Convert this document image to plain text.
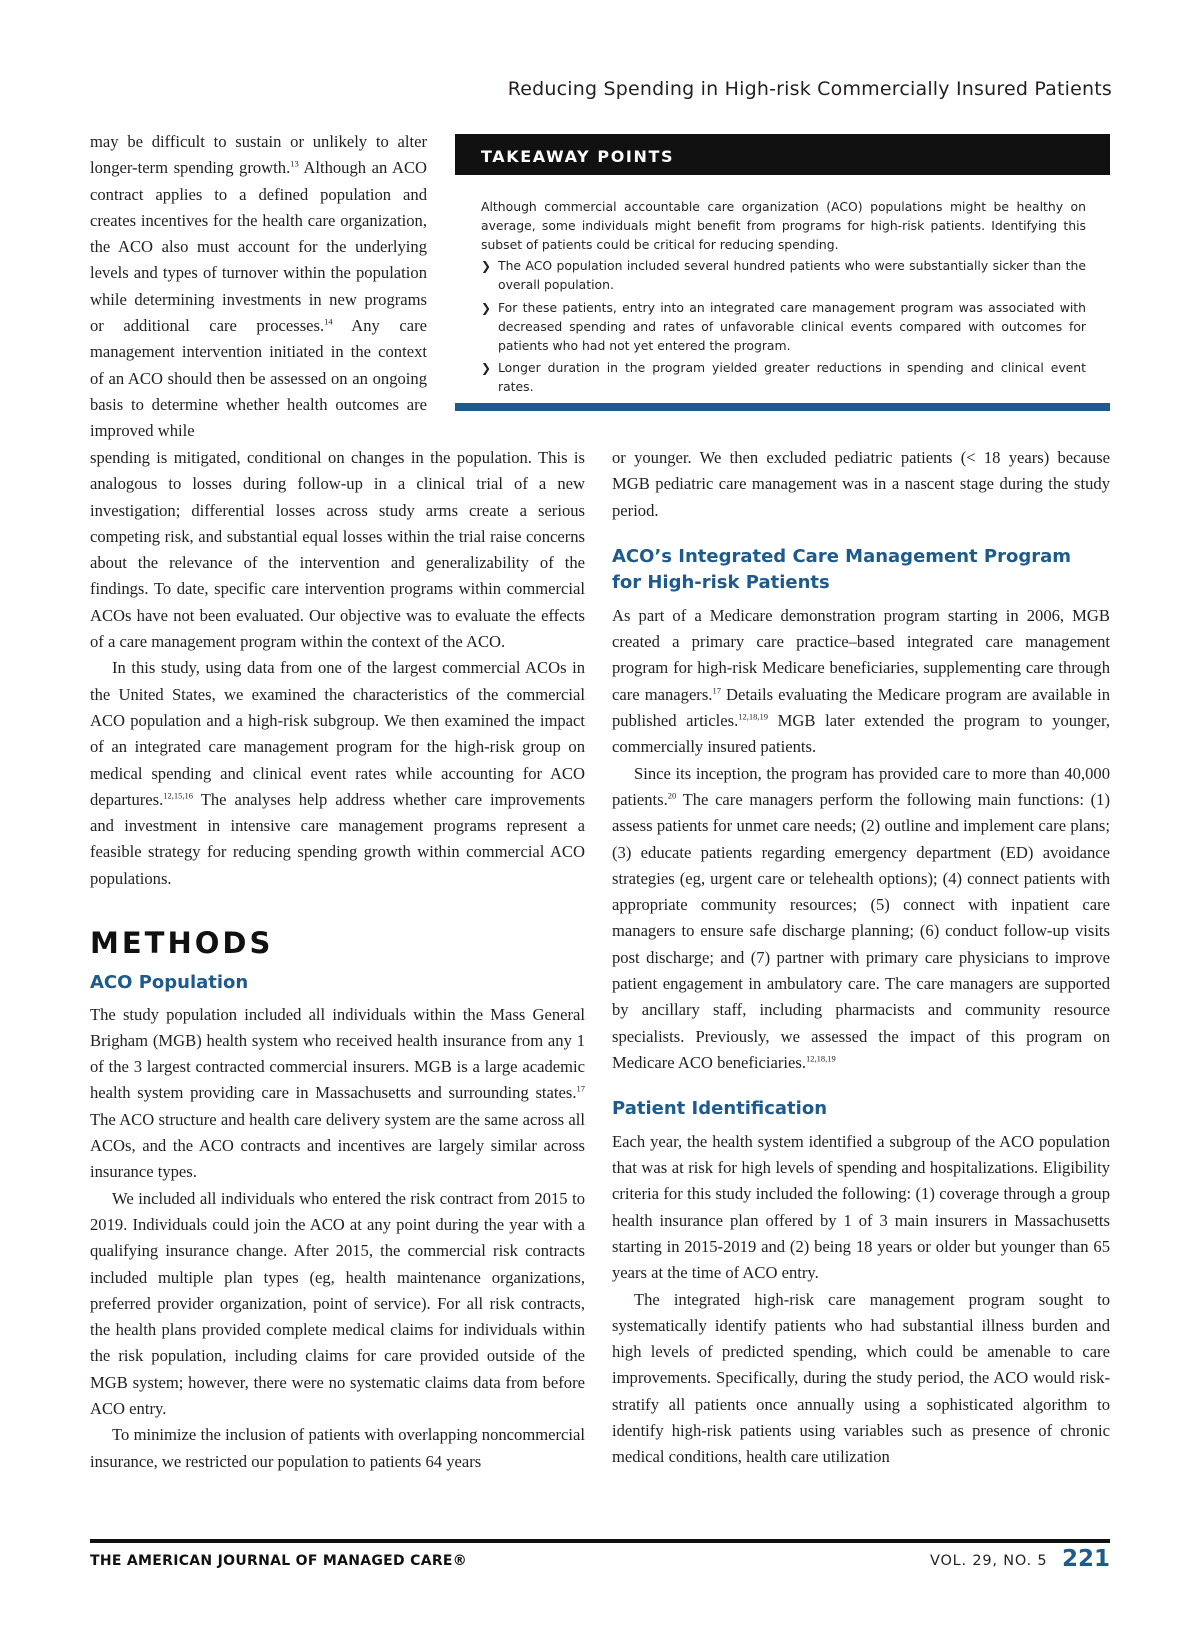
Reducing Spending in High-risk Commercially Insured Patients

may be difficult to sustain or unlikely to alter longer-term spending growth.$^{13}$ Although an ACO contract applies to a defined population and creates incentives for the health care organization, the ACO also must account for the underlying levels and types of turnover within the population while determining investments in new programs or additional care processes.$^{14}$ Any care management intervention initiated in the context of an ACO should then be assessed on an ongoing basis to determine whether health outcomes are improved while

TAKEAWAY POINTS

Although commercial accountable care organization (ACO) populations might be healthy on average, some individuals might benefit from programs for high-risk patients. Identifying this subset of patients could be critical for reducing spending.

❯ The ACO population included several hundred patients who were substantially sicker than the overall population.
❯ For these patients, entry into an integrated care management program was associated with decreased spending and rates of unfavorable clinical events compared with outcomes for patients who had not yet entered the program.
❯ Longer duration in the program yielded greater reductions in spending and clinical event rates.

spending is mitigated, conditional on changes in the population. This is analogous to losses during follow-up in a clinical trial of a new investigation; differential losses across study arms create a serious competing risk, and substantial equal losses within the trial raise concerns about the relevance of the intervention and generalizability of the findings. To date, specific care intervention programs within commercial ACOs have not been evaluated. Our objective was to evaluate the effects of a care management program within the context of the ACO.

In this study, using data from one of the largest commercial ACOs in the United States, we examined the characteristics of the commercial ACO population and a high-risk subgroup. We then examined the impact of an integrated care management program for the high-risk group on medical spending and clinical event rates while accounting for ACO departures.$^{12,15,16}$ The analyses help address whether care improvements and investment in intensive care management programs represent a feasible strategy for reducing spending growth within commercial ACO populations.

METHODS
ACO Population

The study population included all individuals within the Mass General Brigham (MGB) health system who received health insurance from any 1 of the 3 largest contracted commercial insurers. MGB is a large academic health system providing care in Massachusetts and surrounding states.$^{17}$ The ACO structure and health care delivery system are the same across all ACOs, and the ACO contracts and incentives are largely similar across insurance types.

We included all individuals who entered the risk contract from 2015 to 2019. Individuals could join the ACO at any point during the year with a qualifying insurance change. After 2015, the commercial risk contracts included multiple plan types (eg, health maintenance organizations, preferred provider organization, point of service). For all risk contracts, the health plans provided complete medical claims for individuals within the risk population, including claims for care provided outside of the MGB system; however, there were no systematic claims data from before ACO entry.

To minimize the inclusion of patients with overlapping noncommercial insurance, we restricted our population to patients 64 years

or younger. We then excluded pediatric patients (< 18 years) because MGB pediatric care management was in a nascent stage during the study period.

ACO’s Integrated Care Management Program
for High-risk Patients

As part of a Medicare demonstration program starting in 2006, MGB created a primary care practice–based integrated care management program for high-risk Medicare beneficiaries, supplementing care through care managers.$^{17}$ Details evaluating the Medicare program are available in published articles.$^{12,18,19}$ MGB later extended the program to younger, commercially insured patients.

Since its inception, the program has provided care to more than 40,000 patients.$^{20}$ The care managers perform the following main functions: (1) assess patients for unmet care needs; (2) outline and implement care plans; (3) educate patients regarding emergency department (ED) avoidance strategies (eg, urgent care or telehealth options); (4) connect patients with appropriate community resources; (5) connect with inpatient care managers to ensure safe discharge planning; (6) conduct follow-up visits post discharge; and (7) partner with primary care physicians to improve patient engagement in ambulatory care. The care managers are supported by ancillary staff, including pharmacists and community resource specialists. Previously, we assessed the impact of this program on Medicare ACO beneficiaries.$^{12,18,19}$

Patient Identification

Each year, the health system identified a subgroup of the ACO population that was at risk for high levels of spending and hospitalizations. Eligibility criteria for this study included the following: (1) coverage through a group health insurance plan offered by 1 of 3 main insurers in Massachusetts starting in 2015-2019 and (2) being 18 years or older but younger than 65 years at the time of ACO entry.

The integrated high-risk care management program sought to systematically identify patients who had substantial illness burden and high levels of predicted spending, which could be amenable to care improvements. Specifically, during the study period, the ACO would risk-stratify all patients once annually using a sophisticated algorithm to identify high-risk patients using variables such as presence of chronic medical conditions, health care utilization

THE AMERICAN JOURNAL OF MANAGED CARE®	VOL. 29, NO. 5 221
